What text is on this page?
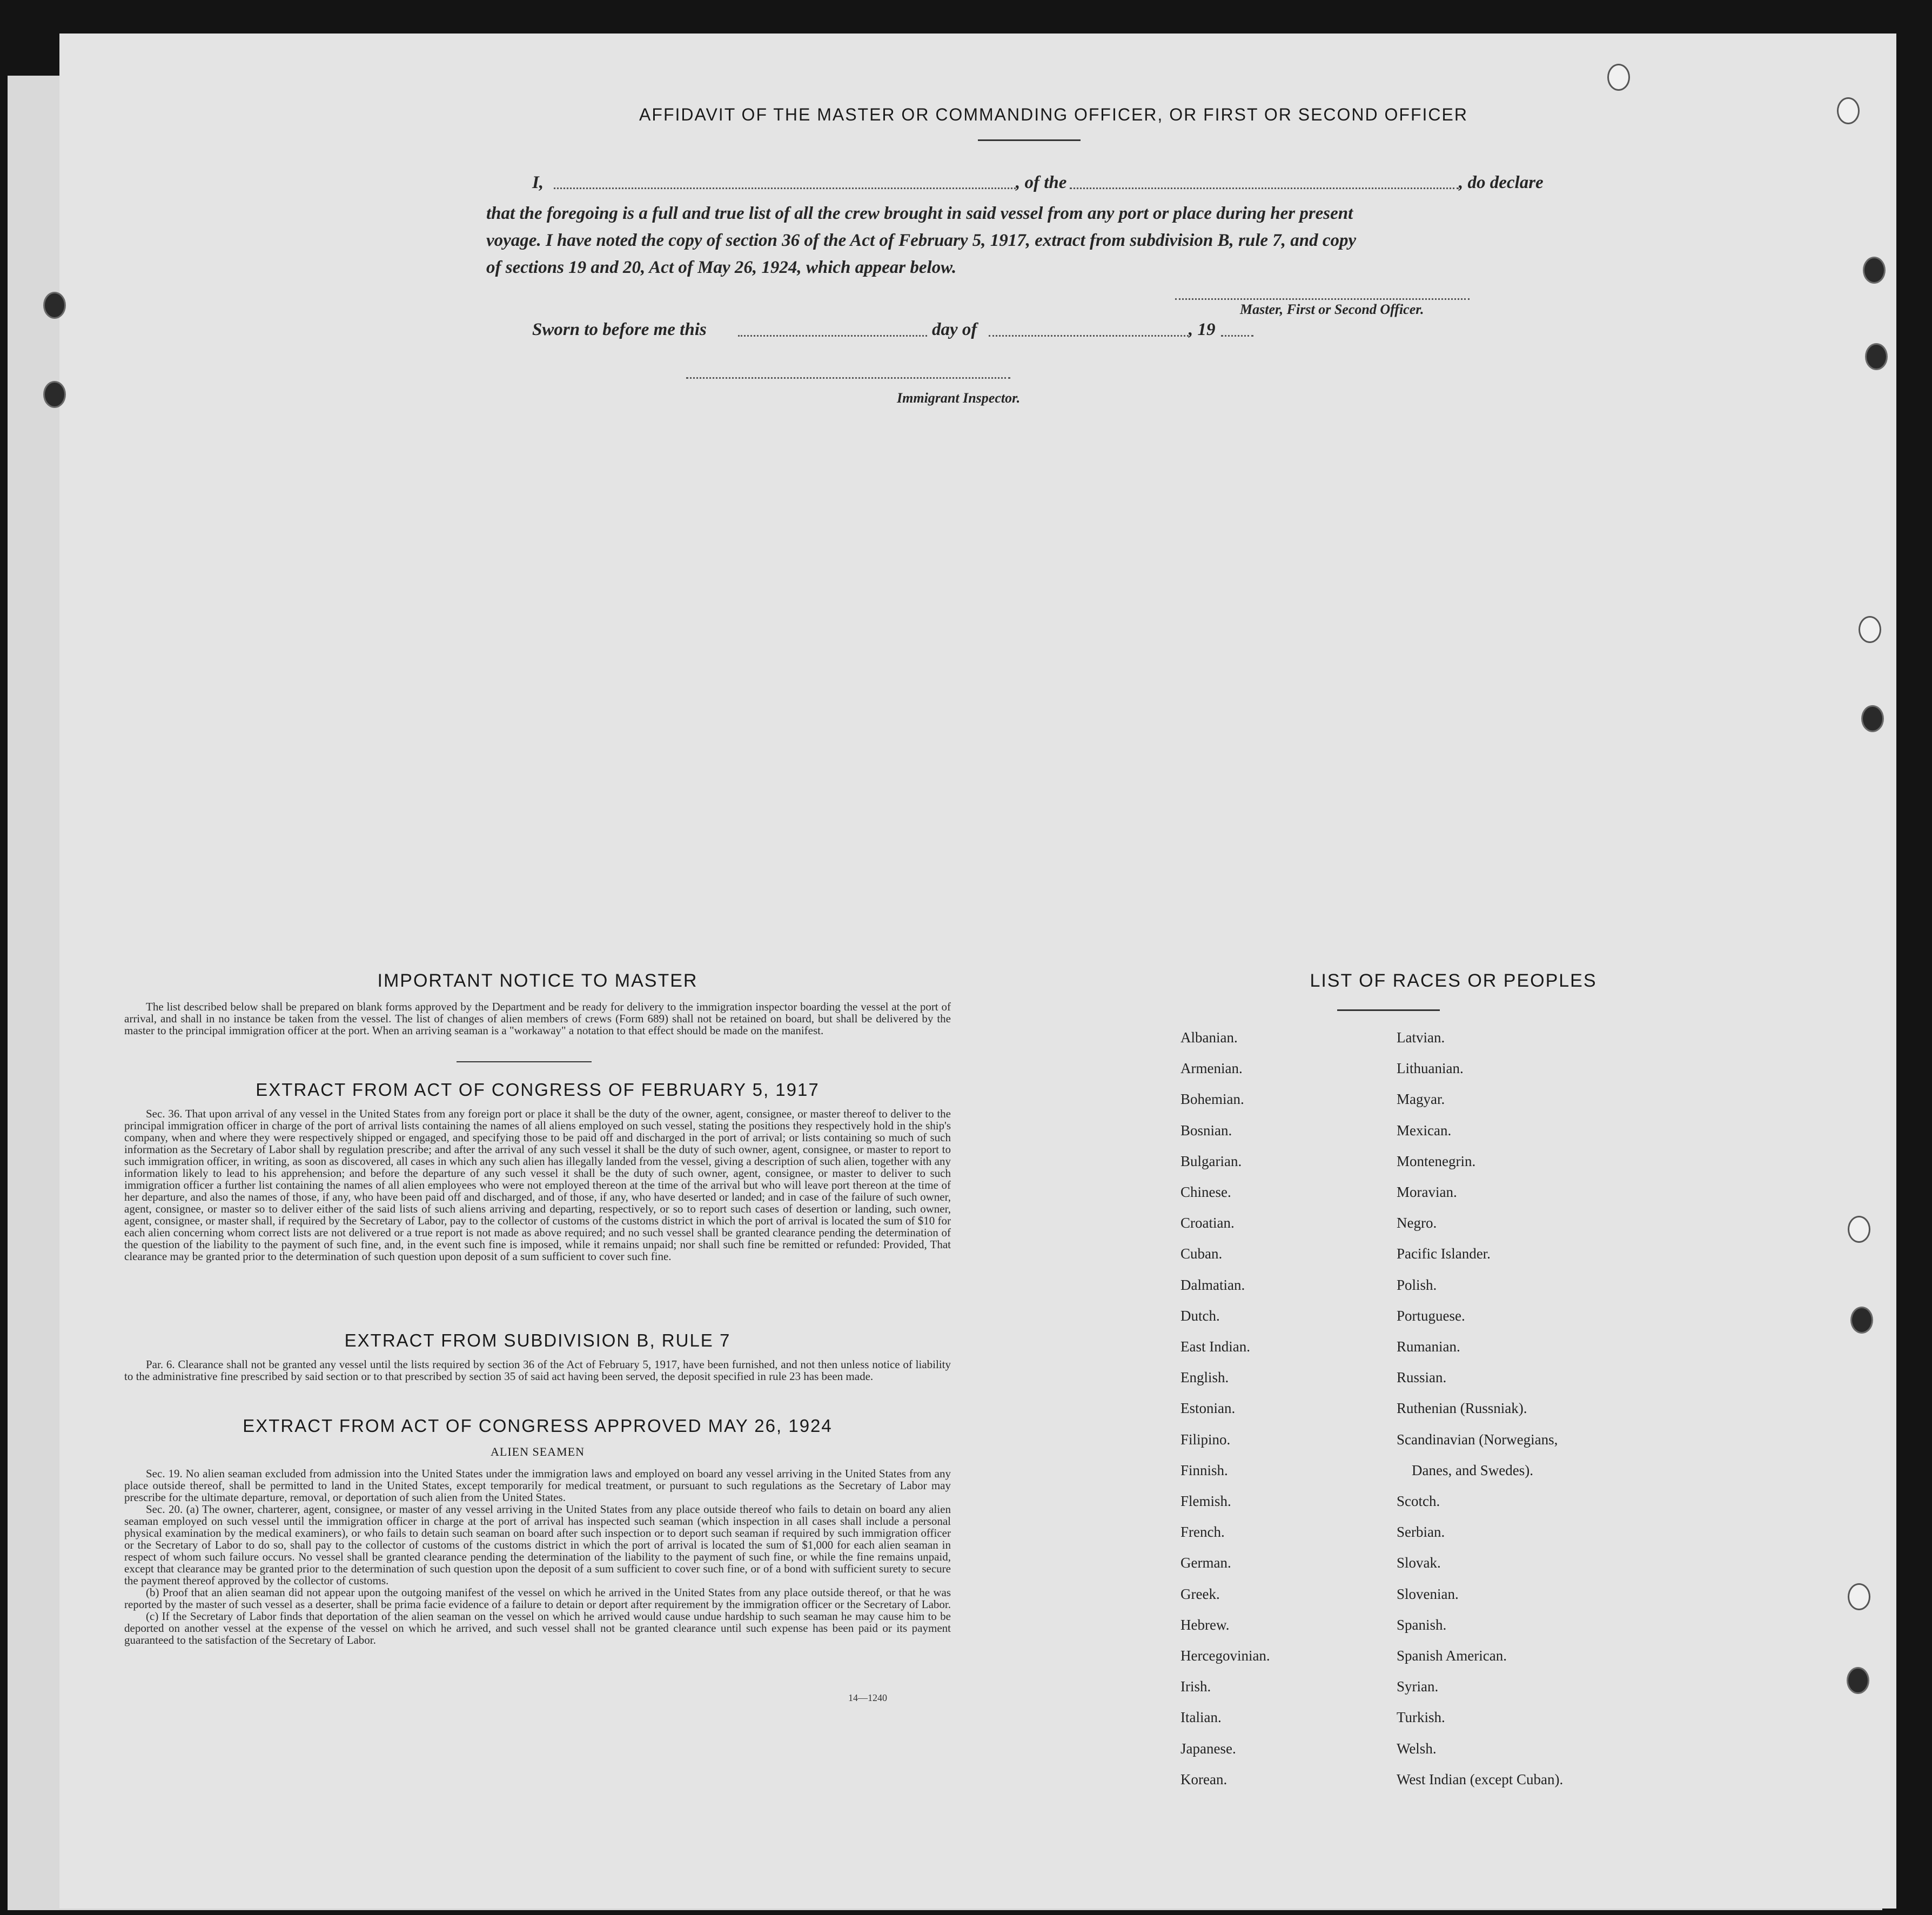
AFFIDAVIT OF THE MASTER OR COMMANDING OFFICER, OR FIRST OR SECOND OFFICER
I,	, of the	, do declare
that the foregoing is a full and true list of all the crew brought in said vessel from any port or place during her present
voyage. I have noted the copy of section 36 of the Act of February 5, 1917, extract from subdivision B, rule 7, and copy
of sections 19 and 20, Act of May 26, 1924, which appear below.
Master, First or Second Officer.
Sworn to before me this	day of	, 19
Immigrant Inspector.
IMPORTANT NOTICE TO MASTER

The list described below shall be prepared on blank forms approved by the Department and be ready for delivery to the immigration inspector boarding the vessel at the port of arrival, and shall in no instance be taken from the vessel. The list of changes of alien members of crews (Form 689) shall not be retained on board, but shall be delivered by the master to the principal immigration officer at the port. When an arriving seaman is a "workaway" a notation to that effect should be made on the manifest.

EXTRACT FROM ACT OF CONGRESS OF FEBRUARY 5, 1917

Sec. 36. That upon arrival of any vessel in the United States from any foreign port or place it shall be the duty of the owner, agent, consignee, or master thereof to deliver to the principal immigration officer in charge of the port of arrival lists containing the names of all aliens employed on such vessel, stating the positions they respectively hold in the ship's company, when and where they were respectively shipped or engaged, and specifying those to be paid off and discharged in the port of arrival; or lists containing so much of such information as the Secretary of Labor shall by regulation prescribe; and after the arrival of any such vessel it shall be the duty of such owner, agent, consignee, or master to report to such immigration officer, in writing, as soon as discovered, all cases in which any such alien has illegally landed from the vessel, giving a description of such alien, together with any information likely to lead to his apprehension; and before the departure of any such vessel it shall be the duty of such owner, agent, consignee, or master to deliver to such immigration officer a further list containing the names of all alien employees who were not employed thereon at the time of the arrival but who will leave port thereon at the time of her departure, and also the names of those, if any, who have been paid off and discharged, and of those, if any, who have deserted or landed; and in case of the failure of such owner, agent, consignee, or master so to deliver either of the said lists of such aliens arriving and departing, respectively, or so to report such cases of desertion or landing, such owner, agent, consignee, or master shall, if required by the Secretary of Labor, pay to the collector of customs of the customs district in which the port of arrival is located the sum of $10 for each alien concerning whom correct lists are not delivered or a true report is not made as above required; and no such vessel shall be granted clearance pending the determination of the question of the liability to the payment of such fine, and, in the event such fine is imposed, while it remains unpaid; nor shall such fine be remitted or refunded: Provided, That clearance may be granted prior to the determination of such question upon deposit of a sum sufficient to cover such fine.

EXTRACT FROM SUBDIVISION B, RULE 7

Par. 6. Clearance shall not be granted any vessel until the lists required by section 36 of the Act of February 5, 1917, have been furnished, and not then unless notice of liability to the administrative fine prescribed by said section or to that prescribed by section 35 of said act having been served, the deposit specified in rule 23 has been made.

EXTRACT FROM ACT OF CONGRESS APPROVED MAY 26, 1924
ALIEN SEAMEN

Sec. 19. No alien seaman excluded from admission into the United States under the immigration laws and employed on board any vessel arriving in the United States from any place outside thereof, shall be permitted to land in the United States, except temporarily for medical treatment, or pursuant to such regulations as the Secretary of Labor may prescribe for the ultimate departure, removal, or deportation of such alien from the United States.

Sec. 20. (a) The owner, charterer, agent, consignee, or master of any vessel arriving in the United States from any place outside thereof who fails to detain on board any alien seaman employed on such vessel until the immigration officer in charge at the port of arrival has inspected such seaman (which inspection in all cases shall include a personal physical examination by the medical examiners), or who fails to detain such seaman on board after such inspection or to deport such seaman if required by such immigration officer or the Secretary of Labor to do so, shall pay to the collector of customs of the customs district in which the port of arrival is located the sum of $1,000 for each alien seaman in respect of whom such failure occurs. No vessel shall be granted clearance pending the determination of the liability to the payment of such fine, or while the fine remains unpaid, except that clearance may be granted prior to the determination of such question upon the deposit of a sum sufficient to cover such fine, or of a bond with sufficient surety to secure the payment thereof approved by the collector of customs.

(b) Proof that an alien seaman did not appear upon the outgoing manifest of the vessel on which he arrived in the United States from any place outside thereof, or that he was reported by the master of such vessel as a deserter, shall be prima facie evidence of a failure to detain or deport after requirement by the immigration officer or the Secretary of Labor.

(c) If the Secretary of Labor finds that deportation of the alien seaman on the vessel on which he arrived would cause undue hardship to such seaman he may cause him to be deported on another vessel at the expense of the vessel on which he arrived, and such vessel shall not be granted clearance until such expense has been paid or its payment guaranteed to the satisfaction of the Secretary of Labor.

14—1240
LIST OF RACES OR PEOPLES
Albanian.
Armenian.
Bohemian.
Bosnian.
Bulgarian.
Chinese.
Croatian.
Cuban.
Dalmatian.
Dutch.
East Indian.
English.
Estonian.
Filipino.
Finnish.
Flemish.
French.
German.
Greek.
Hebrew.
Hercegovinian.
Irish.
Italian.
Japanese.
Korean.
Latvian.
Lithuanian.
Magyar.
Mexican.
Montenegrin.
Moravian.
Negro.
Pacific Islander.
Polish.
Portuguese.
Rumanian.
Russian.
Ruthenian (Russniak).
Scandinavian (Norwegians,
Danes, and Swedes).
Scotch.
Serbian.
Slovak.
Slovenian.
Spanish.
Spanish American.
Syrian.
Turkish.
Welsh.
West Indian (except Cuban).
